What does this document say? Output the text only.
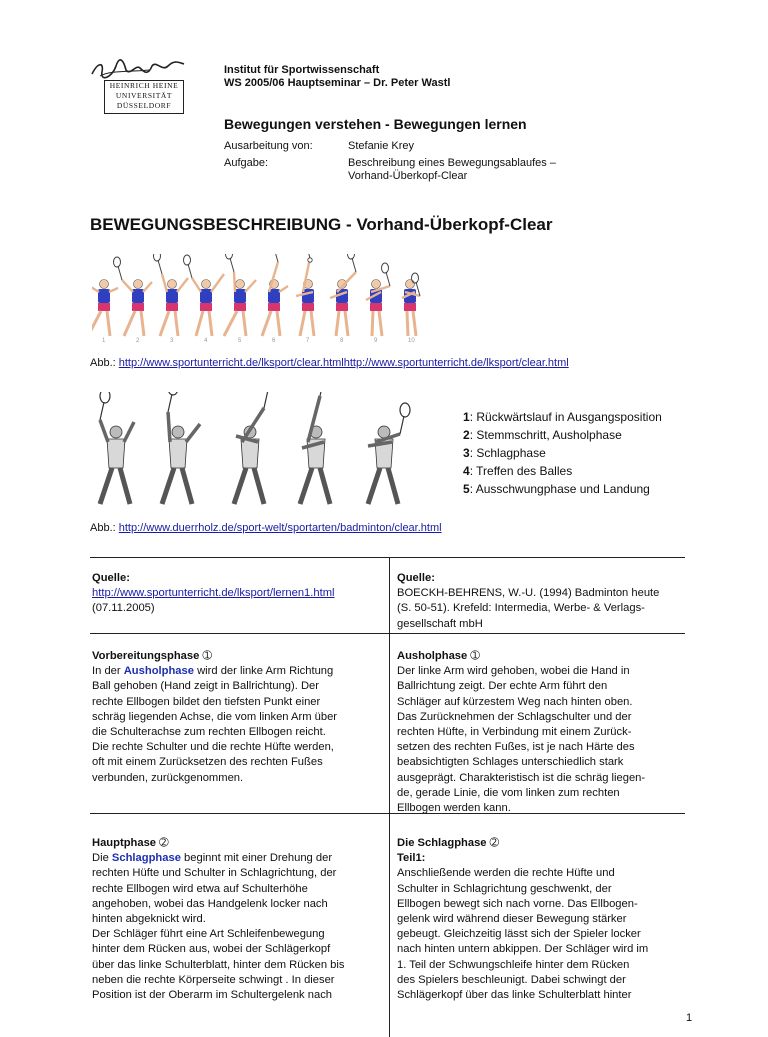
HEINRICH HEINE
UNIVERSITÄT
DÜSSELDORF
Institut für Sportwissenschaft
WS 2005/06 Hauptseminar – Dr. Peter Wastl
Bewegungen verstehen - Bewegungen lernen
Ausarbeitung von:	Stefanie Krey
Aufgabe:	Beschreibung eines Bewegungsablaufes –
Vorhand-Überkopf-Clear
BEWEGUNGSBESCHREIBUNG - Vorhand-Überkopf-Clear
1	2	3	4	5	6	7	8	9	10
Abb.: http://www.sportunterricht.de/lksport/clear.htmlhttp://www.sportunterricht.de/lksport/clear.html
1: Rückwärtslauf in Ausgangsposition
2: Stemmschritt, Ausholphase
3: Schlagphase
4: Treffen des Balles
5: Ausschwungphase und Landung
Abb.: http://www.duerrholz.de/sport-welt/sportarten/badminton/clear.html
Quelle:
http://www.sportunterricht.de/lksport/lernen1.html
(07.11.2005)
Quelle:
BOECKH-BEHRENS, W.-U. (1994) Badminton heute
(S. 50-51). Krefeld: Intermedia, Werbe- & Verlags-
gesellschaft mbH
Vorbereitungsphase ➀
In der Ausholphase wird der linke Arm Richtung
Ball gehoben (Hand zeigt in Ballrichtung). Der
rechte Ellbogen bildet den tiefsten Punkt einer
schräg liegenden Achse, die vom linken Arm über
die Schulterachse zum rechten Ellbogen reicht.
Die rechte Schulter und die rechte Hüfte werden,
oft mit einem Zurücksetzen des rechten Fußes
verbunden, zurückgenommen.
Ausholphase ➀
Der linke Arm wird gehoben, wobei die Hand in
Ballrichtung zeigt. Der echte Arm führt den
Schläger auf kürzestem Weg nach hinten oben.
Das Zurücknehmen der Schlagschulter und der
rechten Hüfte, in Verbindung mit einem Zurück-
setzen des rechten Fußes, ist je nach Härte des
beabsichtigten Schlages unterschiedlich stark
ausgeprägt. Charakteristisch ist die schräg liegen-
de, gerade Linie, die vom linken zum rechten
Ellbogen werden kann.
Hauptphase ➁
Die Schlagphase beginnt mit einer Drehung der
rechten Hüfte und Schulter in Schlagrichtung, der
rechte Ellbogen wird etwa auf Schulterhöhe
angehoben, wobei das Handgelenk locker nach
hinten abgeknickt wird.
Der Schläger führt eine Art Schleifenbewegung
hinter dem Rücken aus, wobei der Schlägerkopf
über das linke Schulterblatt, hinter dem Rücken bis
neben die rechte Körperseite schwingt . In dieser
Position ist der Oberarm im Schultergelenk nach
Die Schlagphase ➁
Teil1:
Anschließende werden die rechte Hüfte und
Schulter in Schlagrichtung geschwenkt, der
Ellbogen bewegt sich nach vorne. Das Ellbogen-
gelenk wird während dieser Bewegung stärker
gebeugt. Gleichzeitig lässt sich der Spieler locker
nach hinten untern abkippen. Der Schläger wird im
1. Teil der Schwungschleife hinter dem Rücken
des Spielers beschleunigt. Dabei schwingt der
Schlägerkopf über das linke Schulterblatt hinter
1
